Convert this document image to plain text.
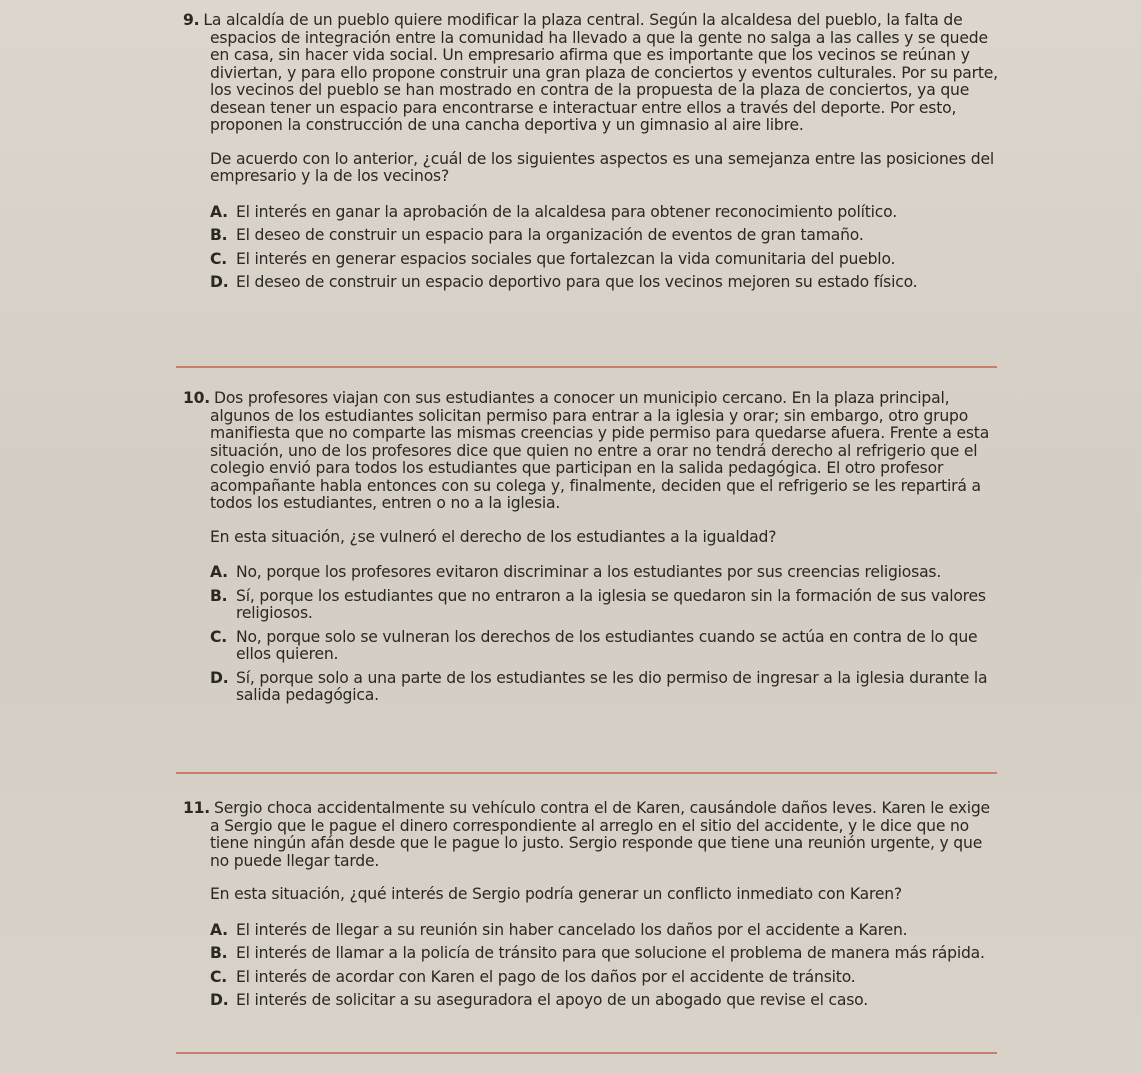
9. La alcaldía de un pueblo quiere modificar la plaza central. Según la alcaldesa del pueblo, la falta de espacios de integración entre la comunidad ha llevado a que la gente no salga a las calles y se quede en casa, sin hacer vida social. Un empresario afirma que es importante que los vecinos se reúnan y diviertan, y para ello propone construir una gran plaza de conciertos y eventos culturales. Por su parte, los vecinos del pueblo se han mostrado en contra de la propuesta de la plaza de conciertos, ya que desean tener un espacio para encontrarse e interactuar entre ellos a través del deporte. Por esto, proponen la construcción de una cancha deportiva y un gimnasio al aire libre.

De acuerdo con lo anterior, ¿cuál de los siguientes aspectos es una semejanza entre las posiciones del empresario y la de los vecinos?

A. El interés en ganar la aprobación de la alcaldesa para obtener reconocimiento político.
B. El deseo de construir un espacio para la organización de eventos de gran tamaño.
C. El interés en generar espacios sociales que fortalezcan la vida comunitaria del pueblo.
D. El deseo de construir un espacio deportivo para que los vecinos mejoren su estado físico.

10. Dos profesores viajan con sus estudiantes a conocer un municipio cercano. En la plaza principal, algunos de los estudiantes solicitan permiso para entrar a la iglesia y orar; sin embargo, otro grupo manifiesta que no comparte las mismas creencias y pide permiso para quedarse afuera. Frente a esta situación, uno de los profesores dice que quien no entre a orar no tendrá derecho al refrigerio que el colegio envió para todos los estudiantes que participan en la salida pedagógica. El otro profesor acompañante habla entonces con su colega y, finalmente, deciden que el refrigerio se les repartirá a todos los estudiantes, entren o no a la iglesia.

En esta situación, ¿se vulneró el derecho de los estudiantes a la igualdad?

A. No, porque los profesores evitaron discriminar a los estudiantes por sus creencias religiosas.
B. Sí, porque los estudiantes que no entraron a la iglesia se quedaron sin la formación de sus valores religiosos.
C. No, porque solo se vulneran los derechos de los estudiantes cuando se actúa en contra de lo que ellos quieren.
D. Sí, porque solo a una parte de los estudiantes se les dio permiso de ingresar a la iglesia durante la salida pedagógica.

11. Sergio choca accidentalmente su vehículo contra el de Karen, causándole daños leves. Karen le exige a Sergio que le pague el dinero correspondiente al arreglo en el sitio del accidente, y le dice que no tiene ningún afán desde que le pague lo justo. Sergio responde que tiene una reunión urgente, y que no puede llegar tarde.

En esta situación, ¿qué interés de Sergio podría generar un conflicto inmediato con Karen?

A. El interés de llegar a su reunión sin haber cancelado los daños por el accidente a Karen.
B. El interés de llamar a la policía de tránsito para que solucione el problema de manera más rápida.
C. El interés de acordar con Karen el pago de los daños por el accidente de tránsito.
D. El interés de solicitar a su aseguradora el apoyo de un abogado que revise el caso.
